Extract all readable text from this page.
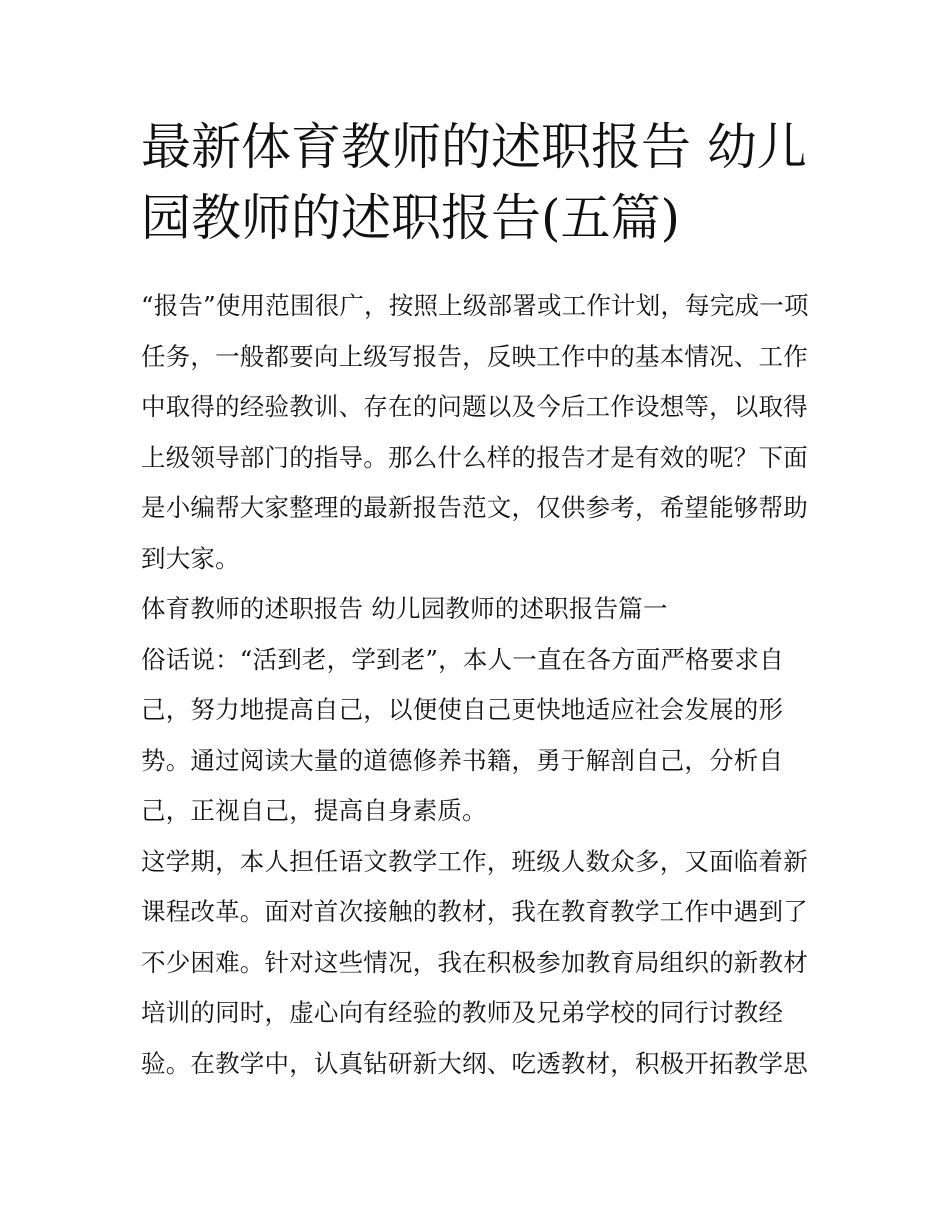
最新体育教师的述职报告 幼儿
园教师的述职报告(五篇)

“报告”使用范围很广，按照上级部署或工作计划，每完成一项
任务，一般都要向上级写报告，反映工作中的基本情况、工作
中取得的经验教训、存在的问题以及今后工作设想等，以取得
上级领导部门的指导。那么什么样的报告才是有效的呢？下面
是小编帮大家整理的最新报告范文，仅供参考，希望能够帮助
到大家。

体育教师的述职报告 幼儿园教师的述职报告篇一

俗话说：“活到老，学到老”，本人一直在各方面严格要求自
己，努力地提高自己，以便使自己更快地适应社会发展的形
势。通过阅读大量的道德修养书籍，勇于解剖自己，分析自
己，正视自己，提高自身素质。

这学期，本人担任语文教学工作，班级人数众多，又面临着新
课程改革。面对首次接触的教材，我在教育教学工作中遇到了
不少困难。针对这些情况，我在积极参加教育局组织的新教材
培训的同时，虚心向有经验的教师及兄弟学校的同行讨教经
验。在教学中，认真钻研新大纲、吃透教材，积极开拓教学思
